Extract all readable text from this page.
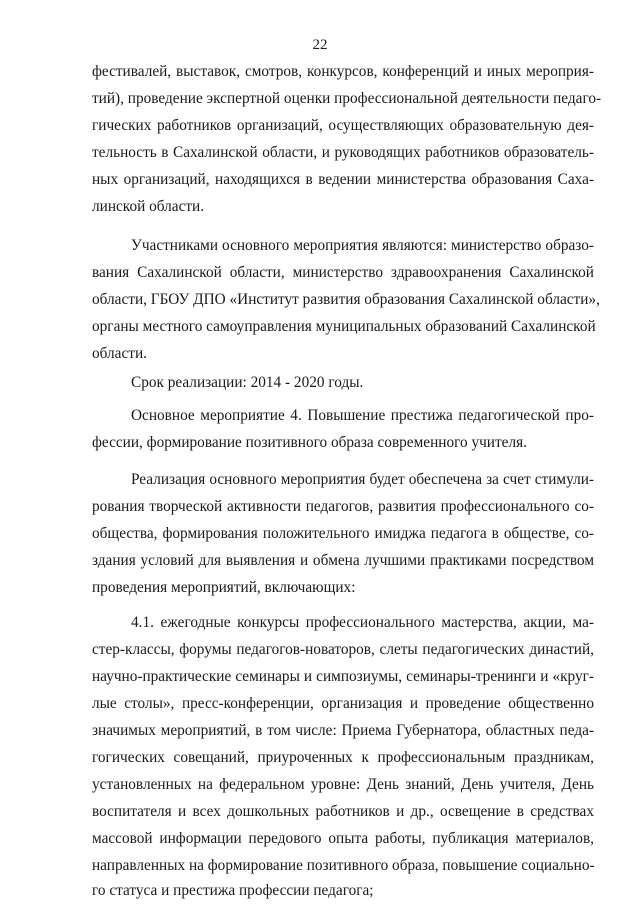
22
фестивалей, выставок, смотров, конкурсов, конференций и иных мероприя-
тий), проведение экспертной оценки профессиональной деятельности педаго-
гических работников организаций, осуществляющих образовательную дея-
тельность в Сахалинской области, и руководящих работников образователь-
ных организаций, находящихся в ведении министерства образования Саха-
линской области.
Участниками основного мероприятия являются: министерство образо-
вания Сахалинской области, министерство здравоохранения Сахалинской
области, ГБОУ ДПО «Институт развития образования Сахалинской области»,
органы местного самоуправления муниципальных образований Сахалинской
области.
Срок реализации: 2014 - 2020 годы.
Основное мероприятие 4. Повышение престижа педагогической про-
фессии, формирование позитивного образа современного учителя.
Реализация основного мероприятия будет обеспечена за счет стимули-
рования творческой активности педагогов, развития профессионального со-
общества, формирования положительного имиджа педагога в обществе, со-
здания условий для выявления и обмена лучшими практиками посредством
проведения мероприятий, включающих:
4.1. ежегодные конкурсы профессионального мастерства, акции, ма-
стер-классы, форумы педагогов-новаторов, слеты педагогических династий,
научно-практические семинары и симпозиумы, семинары-тренинги и «круг-
лые столы», пресс-конференции, организация и проведение общественно
значимых мероприятий, в том числе: Приема Губернатора, областных педа-
гогических совещаний, приуроченных к профессиональным праздникам,
установленных на федеральном уровне: День знаний, День учителя, День
воспитателя и всех дошкольных работников и др., освещение в средствах
массовой информации передового опыта работы, публикация материалов,
направленных на формирование позитивного образа, повышение социально-
го статуса и престижа профессии педагога;
